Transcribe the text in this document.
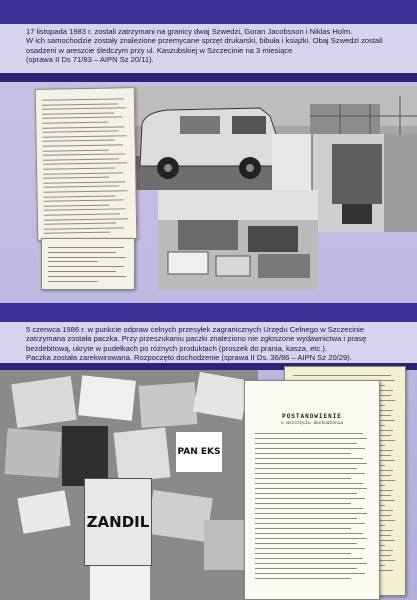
17 listopada 1983 r. zostali zatrzymani na granicy dwaj Szwedzi, Goran Jacobsson i Niklas Holm.
W ich samochodzie zostały znalezione przemycane sprzęt drukarski, bibuła i książki. Obaj Szwedzi zostali
osadzeni w areszcie śledczym przy ul. Kaszubskiej w Szczecinie na 3 miesiące
(sprawa II Ds 71/83 – AIPN Sz 20/11).
5 czerwca 1986 r. w punkcie odpraw celnych przesyłek zagranicznych Urzędu Celnego w Szczecinie
zatrzymana została paczka. Przy przeszukaniu paczki znaleziono nie zgłoszone wydawnictwa i prasę
bezdebitową, ukryte w pudełkach po różnych produktach (proszek do prania, kasza, etc.).
Paczka została zarekwirowana. Rozpoczęto dochodzenie (sprawa II Ds. 36/86 – AIPN Sz 20/29).
PAN EKS
ZANDIL
POSTANOWIENIE
o wszczęciu dochodzenia
